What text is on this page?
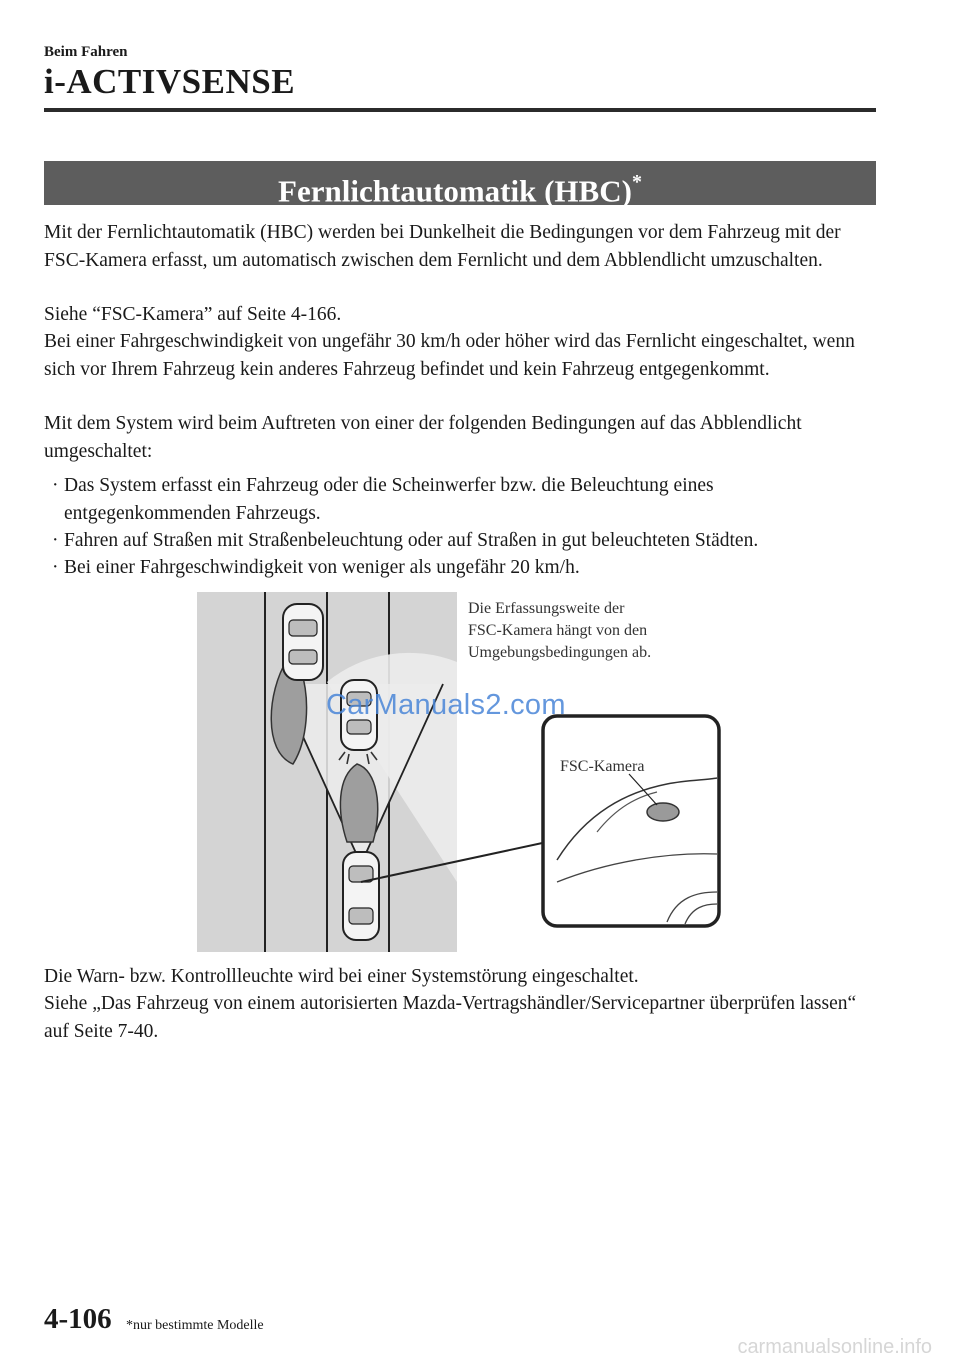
Beim Fahren
i-ACTIVSENSE
Fernlichtautomatik (HBC)*

Mit der Fernlichtautomatik (HBC) werden bei Dunkelheit die Bedingungen vor dem Fahrzeug mit der FSC-Kamera erfasst, um automatisch zwischen dem Fernlicht und dem Abblendlicht umzuschalten.

Siehe “FSC-Kamera” auf Seite 4-166.

Bei einer Fahrgeschwindigkeit von ungefähr 30 km/h oder höher wird das Fernlicht eingeschaltet, wenn sich vor Ihrem Fahrzeug kein anderes Fahrzeug befindet und kein Fahrzeug entgegenkommt.

Mit dem System wird beim Auftreten von einer der folgenden Bedingungen auf das Abblendlicht umgeschaltet:

· Das System erfasst ein Fahrzeug oder die Scheinwerfer bzw. die Beleuchtung eines entgegenkommenden Fahrzeugs.
· Fahren auf Straßen mit Straßenbeleuchtung oder auf Straßen in gut beleuchteten Städten.
· Bei einer Fahrgeschwindigkeit von weniger als ungefähr 20 km/h.
Die Erfassungsweite der
FSC-Kamera hängt von den
Umgebungsbedingungen ab.
FSC-Kamera
CarManuals2.com

Die Warn- bzw. Kontrollleuchte wird bei einer Systemstörung eingeschaltet.

Siehe „Das Fahrzeug von einem autorisierten Mazda-Vertragshändler/Servicepartner überprüfen lassen“ auf Seite 7-40.

4-106 *nur bestimmte Modelle
carmanualsonline.info
